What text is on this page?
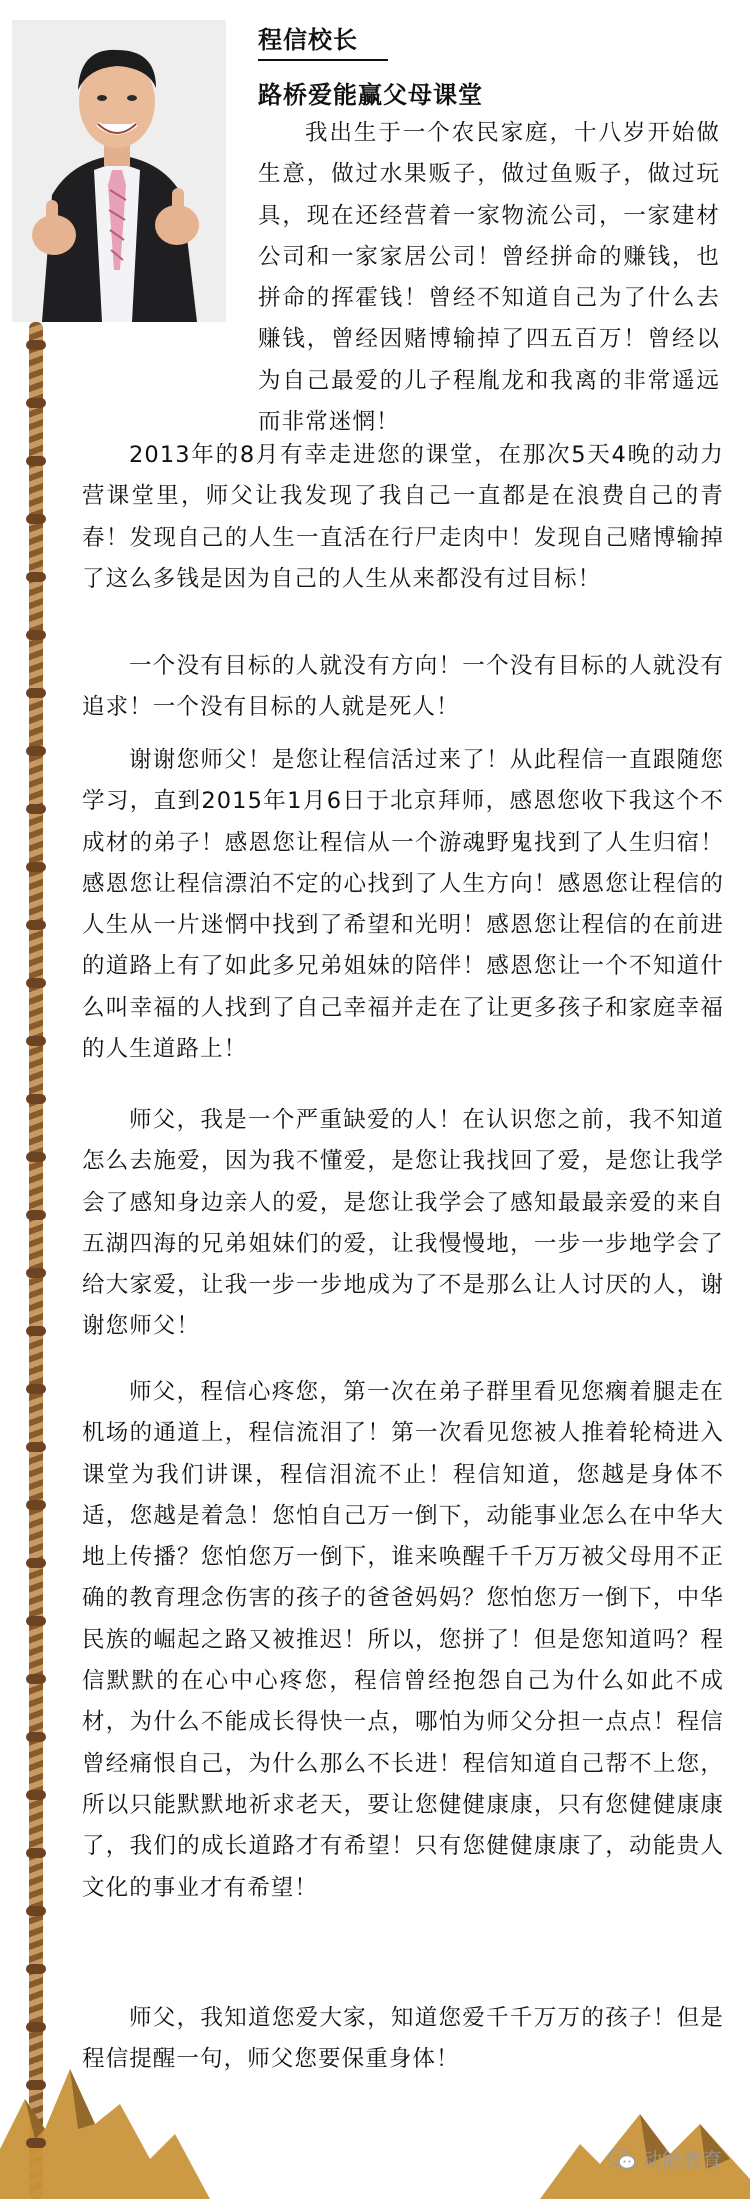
程信校长

路桥爱能赢父母课堂

我出生于一个农民家庭，十八岁开始做生意，做过水果贩子，做过鱼贩子，做过玩具，现在还经营着一家物流公司，一家建材公司和一家家居公司！曾经拼命的赚钱，也拼命的挥霍钱！曾经不知道自己为了什么去赚钱，曾经因赌博输掉了四五百万！曾经以为自己最爱的儿子程胤龙和我离的非常遥远而非常迷惘！

2013年的8月有幸走进您的课堂，在那次5天4晚的动力营课堂里，师父让我发现了我自己一直都是在浪费自己的青春！发现自己的人生一直活在行尸走肉中！发现自己赌博输掉了这么多钱是因为自己的人生从来都没有过目标！

一个没有目标的人就没有方向！一个没有目标的人就没有追求！一个没有目标的人就是死人！

谢谢您师父！是您让程信活过来了！从此程信一直跟随您学习，直到2015年1月6日于北京拜师，感恩您收下我这个不成材的弟子！感恩您让程信从一个游魂野鬼找到了人生归宿！感恩您让程信漂泊不定的心找到了人生方向！感恩您让程信的人生从一片迷惘中找到了希望和光明！感恩您让程信的在前进的道路上有了如此多兄弟姐妹的陪伴！感恩您让一个不知道什么叫幸福的人找到了自己幸福并走在了让更多孩子和家庭幸福的人生道路上！

师父，我是一个严重缺爱的人！在认识您之前，我不知道怎么去施爱，因为我不懂爱，是您让我找回了爱，是您让我学会了感知身边亲人的爱，是您让我学会了感知最最亲爱的来自五湖四海的兄弟姐妹们的爱，让我慢慢地，一步一步地学会了给大家爱，让我一步一步地成为了不是那么让人讨厌的人，谢谢您师父！

师父，程信心疼您，第一次在弟子群里看见您瘸着腿走在 机场的通道上，程信流泪了！第一次看见您被人推着轮椅进入课堂为我们讲课，程信泪流不止！程信知道，您越是身体不适，您越是着急！您怕自己万一倒下，动能事业怎么在中华大地上传播？您怕您万一倒下，谁来唤醒千千万万被父母用不正确的教育理念伤害的孩子的爸爸妈妈？您怕您万一倒下，中华民族的崛起之路又被推迟！所以，您拼了！但是您知道吗？程信默默的在心中心疼您，程信曾经抱怨自己为什么如此不成材，为什么不能成长得快一点，哪怕为师父分担一点点！程信曾经痛恨自己，为什么那么不长进！程信知道自己帮不上您，所以只能默默地祈求老天，要让您健健康康，只有您健健康康了，我们的成长道路才有希望！只有您健健康康了，动能贵人文化的事业才有希望！

师父，我知道您爱大家，知道您爱千千万万的孩子！但是程信提醒一句，师父您要保重身体！

动能教育
